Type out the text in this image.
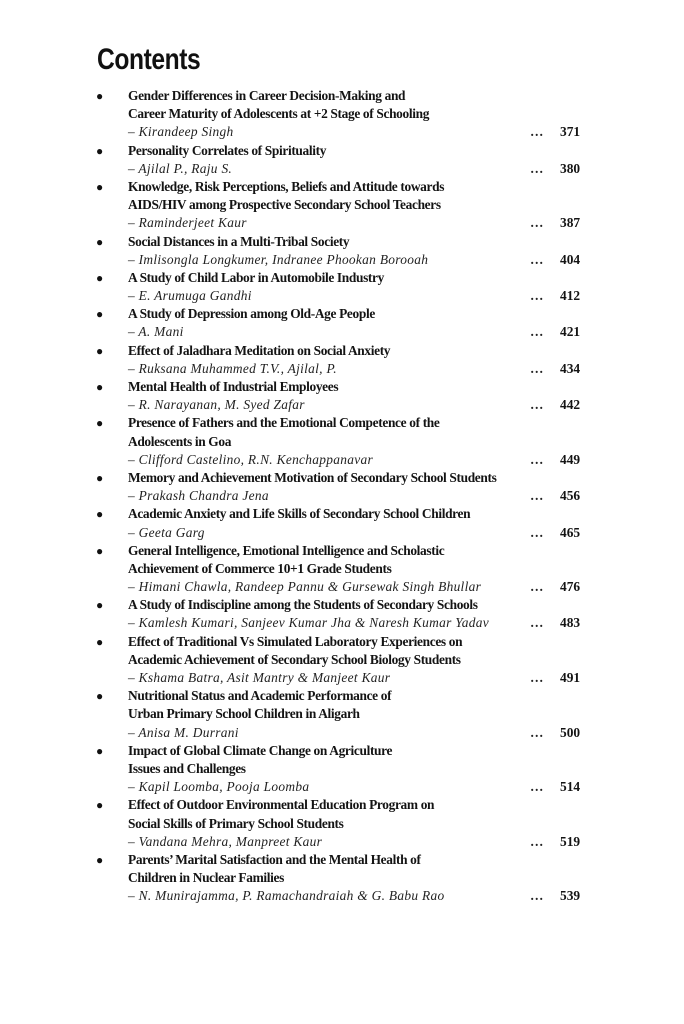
Contents
● Gender Differences in Career Decision-Making and
Career Maturity of Adolescents at +2 Stage of Schooling
– Kirandeep Singh	… 371
● Personality Correlates of Spirituality
– Ajilal P., Raju S.	… 380
● Knowledge, Risk Perceptions, Beliefs and Attitude towards
AIDS/HIV among Prospective Secondary School Teachers
– Raminderjeet Kaur	… 387
● Social Distances in a Multi-Tribal Society
– Imlisongla Longkumer, Indranee Phookan Borooah	… 404
● A Study of Child Labor in Automobile Industry
– E. Arumuga Gandhi	… 412
● A Study of Depression among Old-Age People
– A. Mani	… 421
● Effect of Jaladhara Meditation on Social Anxiety
– Ruksana Muhammed T.V., Ajilal, P.	… 434
● Mental Health of Industrial Employees
– R. Narayanan, M. Syed Zafar	… 442
● Presence of Fathers and the Emotional Competence of the
Adolescents in Goa
– Clifford Castelino, R.N. Kenchappanavar	… 449
● Memory and Achievement Motivation of Secondary School Students
– Prakash Chandra Jena	… 456
● Academic Anxiety and Life Skills of Secondary School Children
– Geeta Garg	… 465
● General Intelligence, Emotional Intelligence and Scholastic
Achievement of Commerce 10+1 Grade Students
– Himani Chawla, Randeep Pannu & Gursewak Singh Bhullar	… 476
● A Study of Indiscipline among the Students of Secondary Schools
– Kamlesh Kumari, Sanjeev Kumar Jha & Naresh Kumar Yadav	… 483
● Effect of Traditional Vs Simulated Laboratory Experiences on
Academic Achievement of Secondary School Biology Students
– Kshama Batra, Asit Mantry & Manjeet Kaur	… 491
● Nutritional Status and Academic Performance of
Urban Primary School Children in Aligarh
– Anisa M. Durrani	… 500
● Impact of Global Climate Change on Agriculture
Issues and Challenges
– Kapil Loomba, Pooja Loomba	… 514
● Effect of Outdoor Environmental Education Program on
Social Skills of Primary School Students
– Vandana Mehra, Manpreet Kaur	… 519
● Parents’ Marital Satisfaction and the Mental Health of
Children in Nuclear Families
– N. Munirajamma, P. Ramachandraiah & G. Babu Rao	… 539
